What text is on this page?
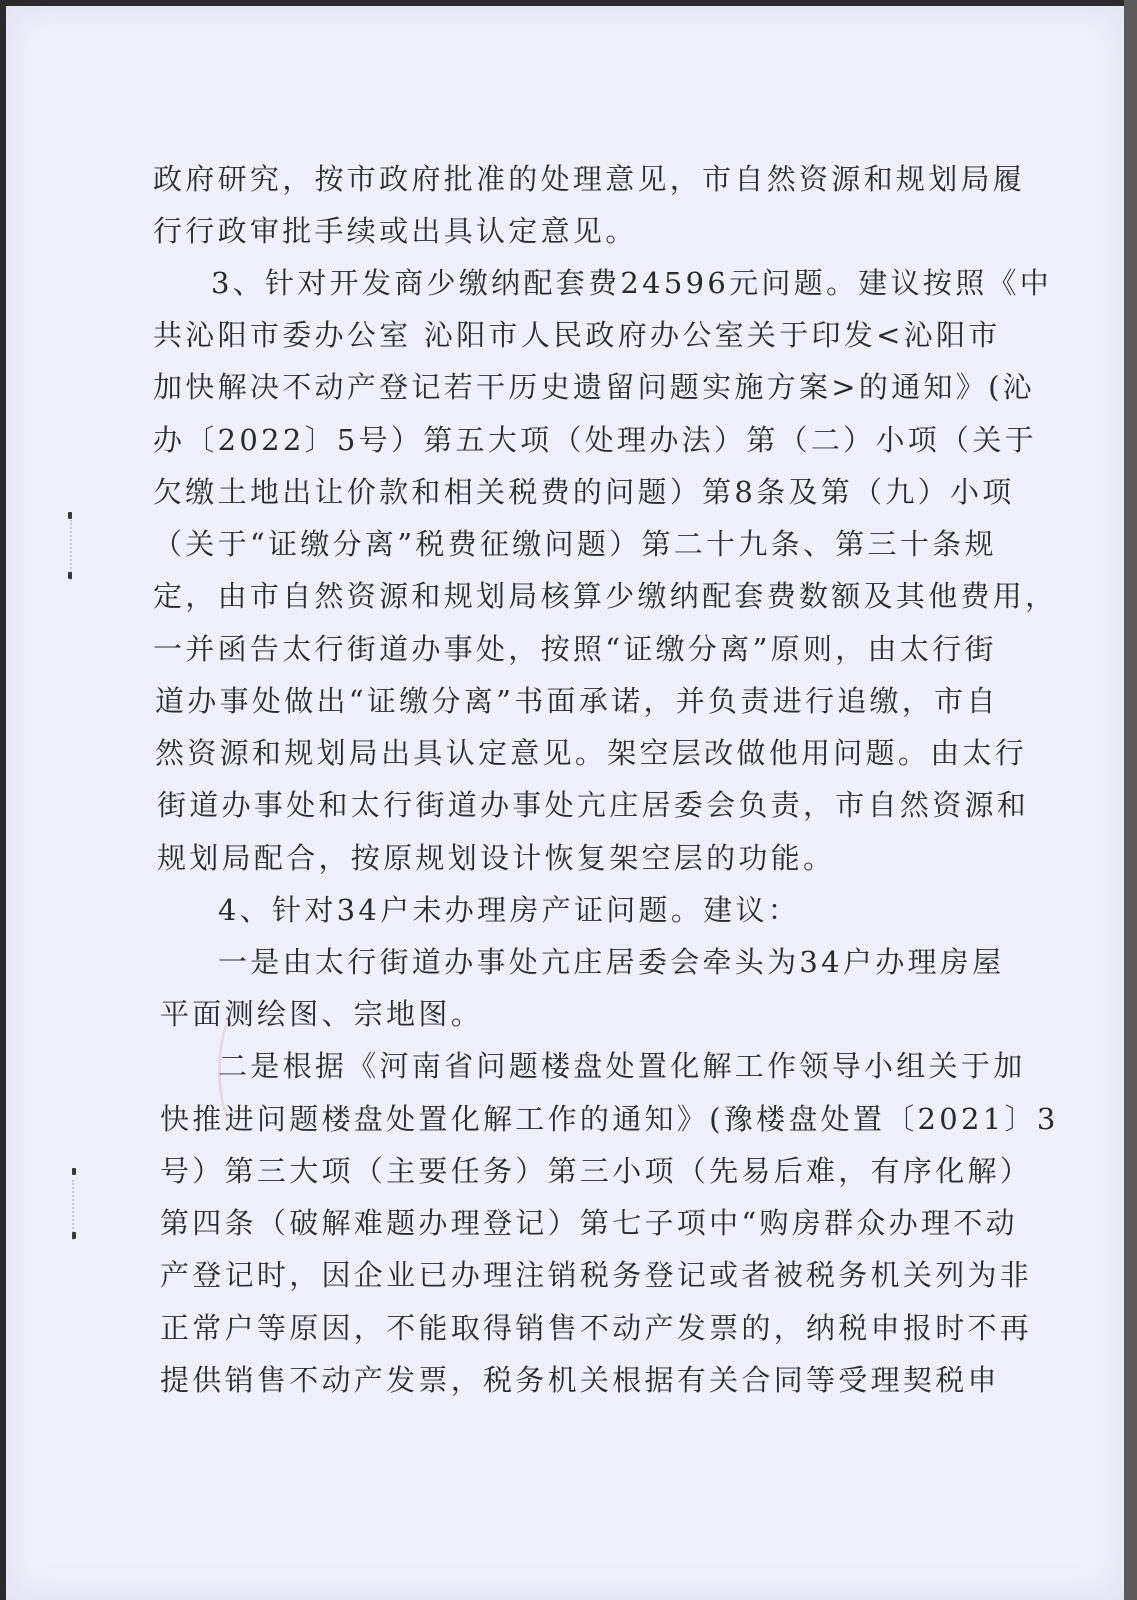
政府研究，按市政府批准的处理意见，市自然资源和规划局履
行行政审批手续或出具认定意见。
3、针对开发商少缴纳配套费24596元问题。建议按照《中
共沁阳市委办公室 沁阳市人民政府办公室关于印发<沁阳市
加快解决不动产登记若干历史遗留问题实施方案>的通知》(沁
办〔2022〕5号）第五大项（处理办法）第（二）小项（关于
欠缴土地出让价款和相关税费的问题）第8条及第（九）小项
（关于“证缴分离”税费征缴问题）第二十九条、第三十条规
定，由市自然资源和规划局核算少缴纳配套费数额及其他费用，
一并函告太行街道办事处，按照“证缴分离”原则，由太行街
道办事处做出“证缴分离”书面承诺，并负责进行追缴，市自
然资源和规划局出具认定意见。架空层改做他用问题。由太行
街道办事处和太行街道办事处亢庄居委会负责，市自然资源和
规划局配合，按原规划设计恢复架空层的功能。
4、针对34户未办理房产证问题。建议：
一是由太行街道办事处亢庄居委会牵头为34户办理房屋
平面测绘图、宗地图。
二是根据《河南省问题楼盘处置化解工作领导小组关于加
快推进问题楼盘处置化解工作的通知》(豫楼盘处置〔2021〕3
号）第三大项（主要任务）第三小项（先易后难，有序化解）
第四条（破解难题办理登记）第七子项中“购房群众办理不动
产登记时，因企业已办理注销税务登记或者被税务机关列为非
正常户等原因，不能取得销售不动产发票的，纳税申报时不再
提供销售不动产发票，税务机关根据有关合同等受理契税申
